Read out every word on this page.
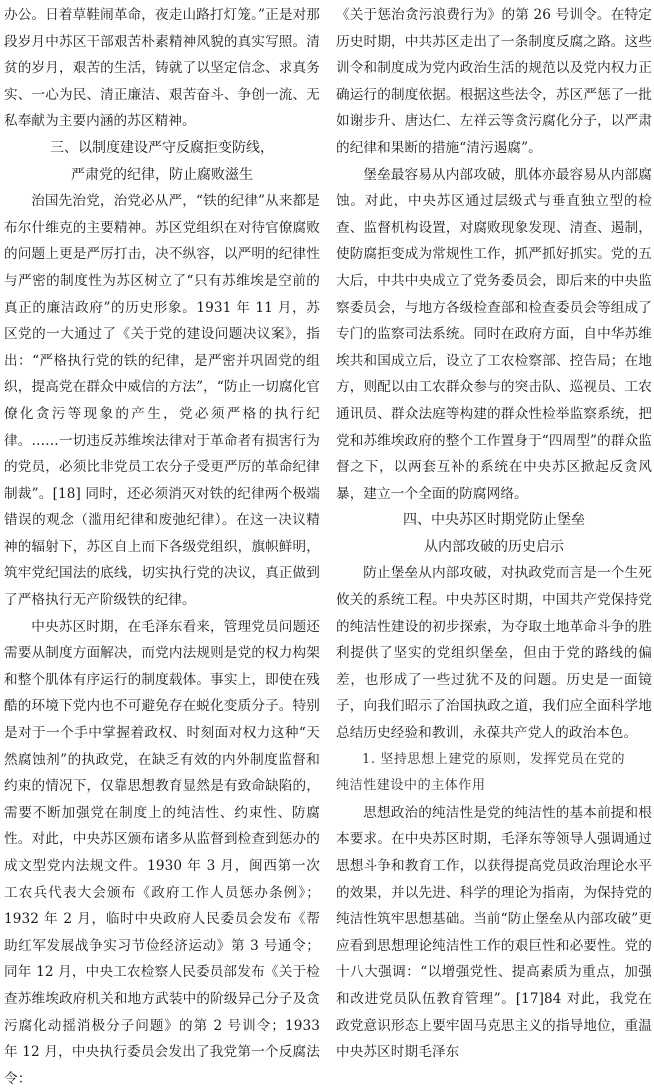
办公。日着草鞋闹革命，夜走山路打灯笼。”正是对那段岁月中苏区干部艰苦朴素精神风貌的真实写照。清贫的岁月，艰苦的生活，铸就了以坚定信念、求真务实、一心为民、清正廉洁、艰苦奋斗、争创一流、无私奉献为主要内涵的苏区精神。

三、以制度建设严守反腐拒变防线，
严肃党的纪律，防止腐败滋生

治国先治党，治党必从严，“铁的纪律”从来都是布尔什维克的主要精神。苏区党组织在对待官僚腐败的问题上更是严厉打击，决不纵容，以严明的纪律性与严密的制度性为苏区树立了“只有苏维埃是空前的真正的廉洁政府”的历史形象。1931 年 11 月，苏区党的一大通过了《关于党的建设问题决议案》，指出：“严格执行党的铁的纪律，是严密并巩固党的组织，提高党在群众中威信的方法”，“防止一切腐化官僚化贪污等现象的产生，党必须严格的执行纪律。……一切违反苏维埃法律对于革命者有损害行为的党员，必须比非党员工农分子受更严厉的革命纪律制裁”。[18] 同时，还必须消灭对铁的纪律两个极端错误的观念（滥用纪律和废弛纪律）。在这一决议精神的辐射下，苏区自上而下各级党组织，旗帜鲜明，筑牢党纪国法的底线，切实执行党的决议，真正做到了严格执行无产阶级铁的纪律。

中央苏区时期，在毛泽东看来，管理党员问题还需要从制度方面解决，而党内法规则是党的权力构架和整个肌体有序运行的制度载体。事实上，即使在残酷的环境下党内也不可避免存在蜕化变质分子。特别是对于一个手中掌握着政权、时刻面对权力这种“天然腐蚀剂”的执政党，在缺乏有效的内外制度监督和约束的情况下，仅靠思想教育显然是有致命缺陷的，需要不断加强党在制度上的纯洁性、约束性、防腐性。对此，中央苏区颁布诸多从监督到检查到惩办的成文型党内法规文件。1930 年 3 月，闽西第一次工农兵代表大会颁布《政府工作人员惩办条例》；1932 年 2 月，临时中央政府人民委员会发布《帮助红军发展战争实习节俭经济运动》第 3 号通令；同年 12 月，中央工农检察人民委员部发布《关于检查苏维埃政府机关和地方武装中的阶级异己分子及贪污腐化动摇消极分子问题》的第 2 号训令；1933 年 12 月，中央执行委员会发出了我党第一个反腐法令：

《关于惩治贪污浪费行为》的第 26 号训令。在特定历史时期，中共苏区走出了一条制度反腐之路。这些训令和制度成为党内政治生活的规范以及党内权力正确运行的制度依据。根据这些法令，苏区严惩了一批如谢步升、唐达仁、左祥云等贪污腐化分子，以严肃的纪律和果断的措施“清污遏腐”。

堡垒最容易从内部攻破，肌体亦最容易从内部腐蚀。对此，中央苏区通过层级式与垂直独立型的检查、监督机构设置，对腐败现象发现、清查、遏制，使防腐拒变成为常规性工作，抓严抓好抓实。党的五大后，中共中央成立了党务委员会，即后来的中央监察委员会，与地方各级检查部和检查委员会等组成了专门的监察司法系统。同时在政府方面，自中华苏维埃共和国成立后，设立了工农检察部、控告局；在地方，则配以由工农群众参与的突击队、巡视员、工农通讯员、群众法庭等构建的群众性检举监察系统，把党和苏维埃政府的整个工作置身于“四周型”的群众监督之下，以两套互补的系统在中央苏区掀起反贪风暴，建立一个全面的防腐网络。

四、中央苏区时期党防止堡垒
从内部攻破的历史启示

防止堡垒从内部攻破，对执政党而言是一个生死攸关的系统工程。中央苏区时期，中国共产党保持党的纯洁性建设的初步探索，为夺取土地革命斗争的胜利提供了坚实的党组织堡垒，但由于党的路线的偏差，也形成了一些过犹不及的问题。历史是一面镜子，向我们昭示了治国执政之道，我们应全面科学地总结历史经验和教训，永葆共产党人的政治本色。

1. 坚持思想上建党的原则，发挥党员在党的
纯洁性建设中的主体作用

思想政治的纯洁性是党的纯洁性的基本前提和根本要求。在中央苏区时期，毛泽东等领导人强调通过思想斗争和教育工作，以获得提高党员政治理论水平的效果，并以先进、科学的理论为指南，为保持党的纯洁性筑牢思想基础。当前“防止堡垒从内部攻破”更应看到思想理论纯洁性工作的艰巨性和必要性。党的十八大强调：“以增强党性、提高素质为重点，加强和改进党员队伍教育管理”。[17]84 对此，我党在政党意识形态上要牢固马克思主义的指导地位，重温中央苏区时期毛泽东
